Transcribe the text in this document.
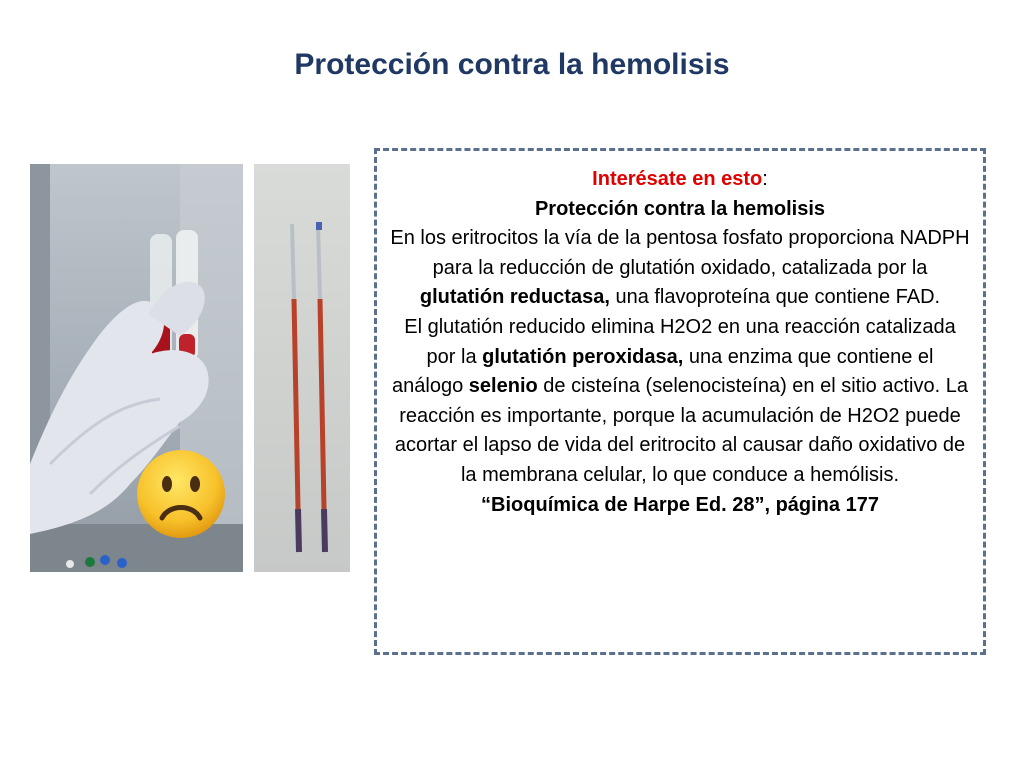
Protección contra la hemolisis

Interésate en esto:

Protección contra la hemolisis

En los eritrocitos la vía de la pentosa fosfato proporciona NADPH para la reducción de glutatión oxidado, catalizada por la glutatión reductasa, una flavoproteína que contiene FAD.

El glutatión reducido elimina H2O2 en una reacción catalizada por la glutatión peroxidasa, una enzima que contiene el análogo selenio de cisteína (selenocisteína) en el sitio activo. La reacción es importante, porque la acumulación de H2O2 puede acortar el lapso de vida del eritrocito al causar daño oxidativo de la membrana celular, lo que conduce a hemólisis.

“Bioquímica de Harpe Ed. 28”, página 177
